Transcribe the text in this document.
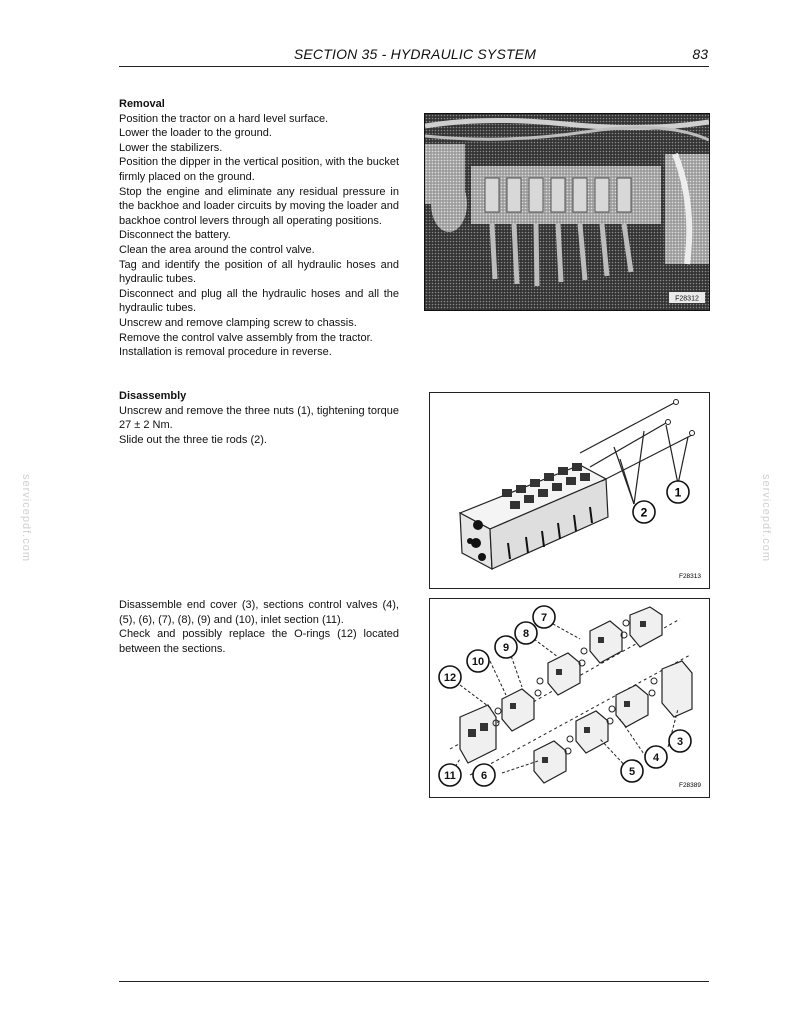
SECTION 35 - HYDRAULIC SYSTEM	83
Removal

Position the tractor on a hard level surface.

Lower the loader to the ground.

Lower the stabilizers.

Position the dipper in the vertical position, with the bucket firmly placed on the ground.

Stop the engine and eliminate any residual pressure in the backhoe and loader circuits by moving the loader and backhoe control levers through all operating positions.

Disconnect the battery.

Clean the area around the control valve.

Tag and identify the position of all hydraulic hoses and hydraulic tubes.

Disconnect and plug all the hydraulic hoses and all the hydraulic tubes.

Unscrew and remove clamping screw to chassis.

Remove the control valve assembly from the tractor.

Installation is removal procedure in reverse.

Disassembly

Unscrew and remove the three nuts (1), tightening torque 27 ± 2 Nm.

Slide out the three tie rods (2).

Disassemble end cover (3), sections control valves (4), (5), (6), (7), (8), (9) and (10), inlet section (11).

Check and possibly replace the O-rings (12) located between the sections.

F28312
2
1
F28313
7
8
9
10
12
3
4
5
6
11
F28389
servicepdf.com	servicepdf.com
